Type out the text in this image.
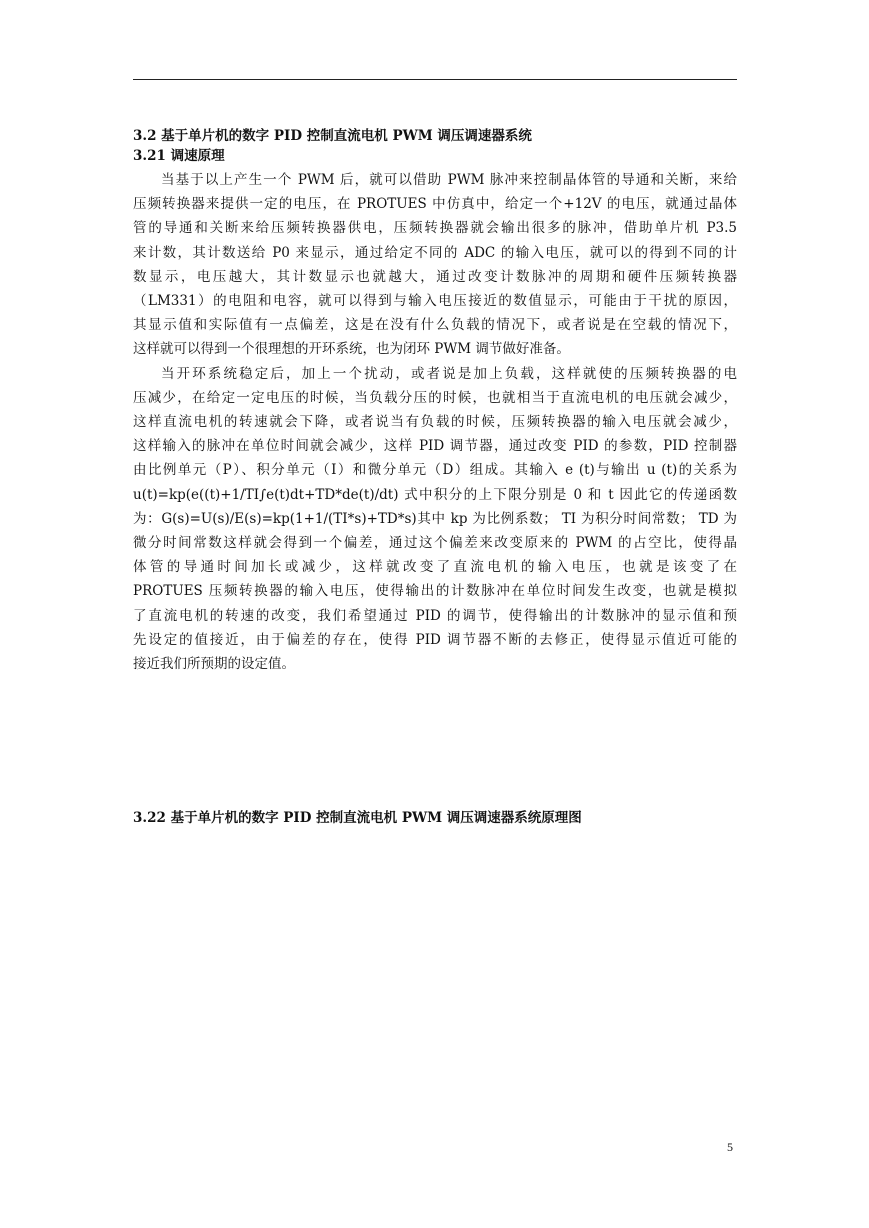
3.2 基于单片机的数字 PID 控制直流电机 PWM 调压调速器系统
3.21 调速原理
当基于以上产生一个 PWM 后，就可以借助 PWM 脉冲来控制晶体管的导通和关断，来给
压频转换器来提供一定的电压，在 PROTUES 中仿真中，给定一个+12V 的电压，就通过晶体
管的导通和关断来给压频转换器供电，压频转换器就会输出很多的脉冲，借助单片机 P3.5
来计数，其计数送给 P0 来显示，通过给定不同的 ADC 的输入电压，就可以的得到不同的计
数显示，电压越大，其计数显示也就越大，通过改变计数脉冲的周期和硬件压频转换器
（LM331）的电阻和电容，就可以得到与输入电压接近的数值显示，可能由于干扰的原因，
其显示值和实际值有一点偏差，这是在没有什么负载的情况下，或者说是在空载的情况下，
这样就可以得到一个很理想的开环系统，也为闭环 PWM 调节做好准备。
当开环系统稳定后，加上一个扰动，或者说是加上负载，这样就使的压频转换器的电
压减少，在给定一定电压的时候，当负载分压的时候，也就相当于直流电机的电压就会减少，
这样直流电机的转速就会下降，或者说当有负载的时候，压频转换器的输入电压就会减少，
这样输入的脉冲在单位时间就会减少，这样 PID 调节器，通过改变 PID 的参数，PID 控制器
由比例单元（P）、积分单元（I）和微分单元（D）组成。其输入 e (t)与输出 u (t)的关系为
u(t)=kp(e((t)+1/TI∫e(t)dt+TD*de(t)/dt) 式中积分的上下限分别是 0 和 t 因此它的传递函数
为：G(s)=U(s)/E(s)=kp(1+1/(TI*s)+TD*s)其中 kp 为比例系数； TI 为积分时间常数； TD 为
微分时间常数这样就会得到一个偏差，通过这个偏差来改变原来的 PWM 的占空比，使得晶
体管的导通时间加长或减少，这样就改变了直流电机的输入电压，也就是该变了在
PROTUES 压频转换器的输入电压，使得输出的计数脉冲在单位时间发生改变，也就是模拟
了直流电机的转速的改变，我们希望通过 PID 的调节，使得输出的计数脉冲的显示值和预
先设定的值接近，由于偏差的存在，使得 PID 调节器不断的去修正，使得显示值近可能的
接近我们所预期的设定值。
3.22 基于单片机的数字 PID 控制直流电机 PWM 调压调速器系统原理图
5
